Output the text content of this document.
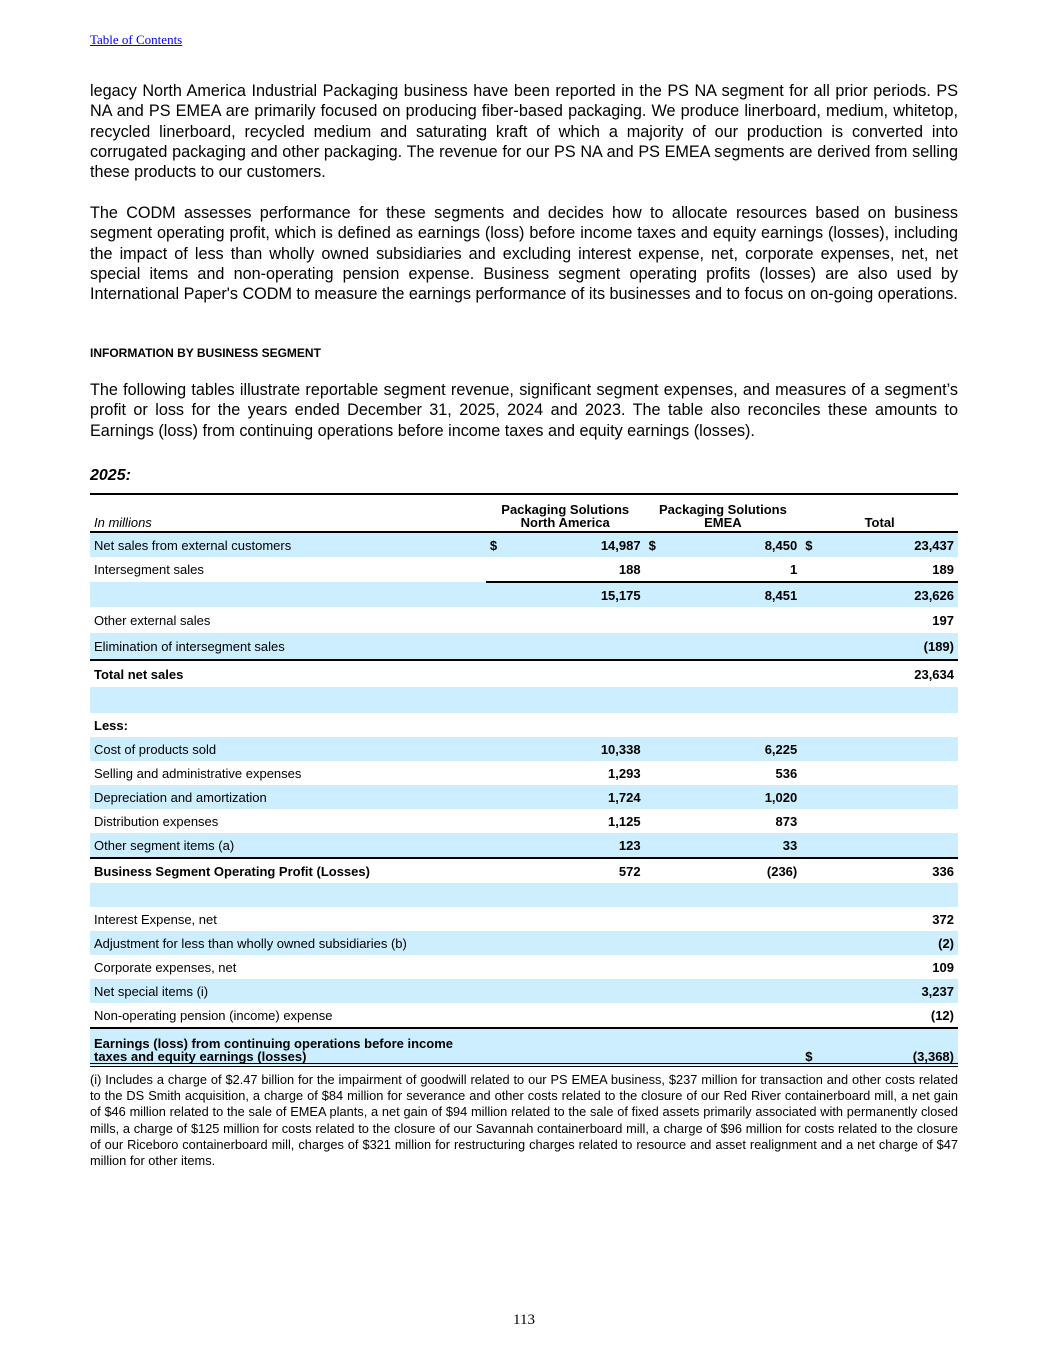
Table of Contents

legacy North America Industrial Packaging business have been reported in the PS NA segment for all prior periods. PS NA and PS EMEA are primarily focused on producing fiber-based packaging. We produce linerboard, medium, whitetop, recycled linerboard, recycled medium and saturating kraft of which a majority of our production is converted into corrugated packaging and other packaging. The revenue for our PS NA and PS EMEA segments are derived from selling these products to our customers.

The CODM assesses performance for these segments and decides how to allocate resources based on business segment operating profit, which is defined as earnings (loss) before income taxes and equity earnings (losses), including the impact of less than wholly owned subsidiaries and excluding interest expense, net, corporate expenses, net, net special items and non-operating pension expense. Business segment operating profits (losses) are also used by International Paper's CODM to measure the earnings performance of its businesses and to focus on on-going operations.

INFORMATION BY BUSINESS SEGMENT

The following tables illustrate reportable segment revenue, significant segment expenses, and measures of a segment’s profit or loss for the years ended December 31, 2025, 2024 and 2023. The table also reconciles these amounts to Earnings (loss) from continuing operations before income taxes and equity earnings (losses).

2025:

In millions	Packaging Solutions North America		Packaging Solutions EMEA		Total	
Net sales from external customers	$	14,987	$	8,450	$	23,437
Intersegment sales		188		1		189
		15,175		8,451		23,626
Other external sales						197
Elimination of intersegment sales						(189)
Total net sales						23,634

Less:						
Cost of products sold		10,338		6,225		
Selling and administrative expenses		1,293		536		
Depreciation and amortization		1,724		1,020		
Distribution expenses		1,125		873		
Other segment items (a)		123		33		
Business Segment Operating Profit (Losses)		572		(236)		336

Interest Expense, net						372
Adjustment for less than wholly owned subsidiaries (b)						(2)
Corporate expenses, net						109
Net special items (i)						3,237
Non-operating pension (income) expense						(12)

Earnings (loss) from continuing operations before income
taxes and equity earnings (losses)					$	(3,368)

(i) Includes a charge of $2.47 billion for the impairment of goodwill related to our PS EMEA business, $237 million for transaction and other costs related to the DS Smith acquisition, a charge of $84 million for severance and other costs related to the closure of our Red River containerboard mill, a net gain of $46 million related to the sale of EMEA plants, a net gain of $94 million related to the sale of fixed assets primarily associated with permanently closed mills, a charge of $125 million for costs related to the closure of our Savannah containerboard mill, a charge of $96 million for costs related to the closure of our Riceboro containerboard mill, charges of $321 million for restructuring charges related to resource and asset realignment and a net charge of $47 million for other items.

113
